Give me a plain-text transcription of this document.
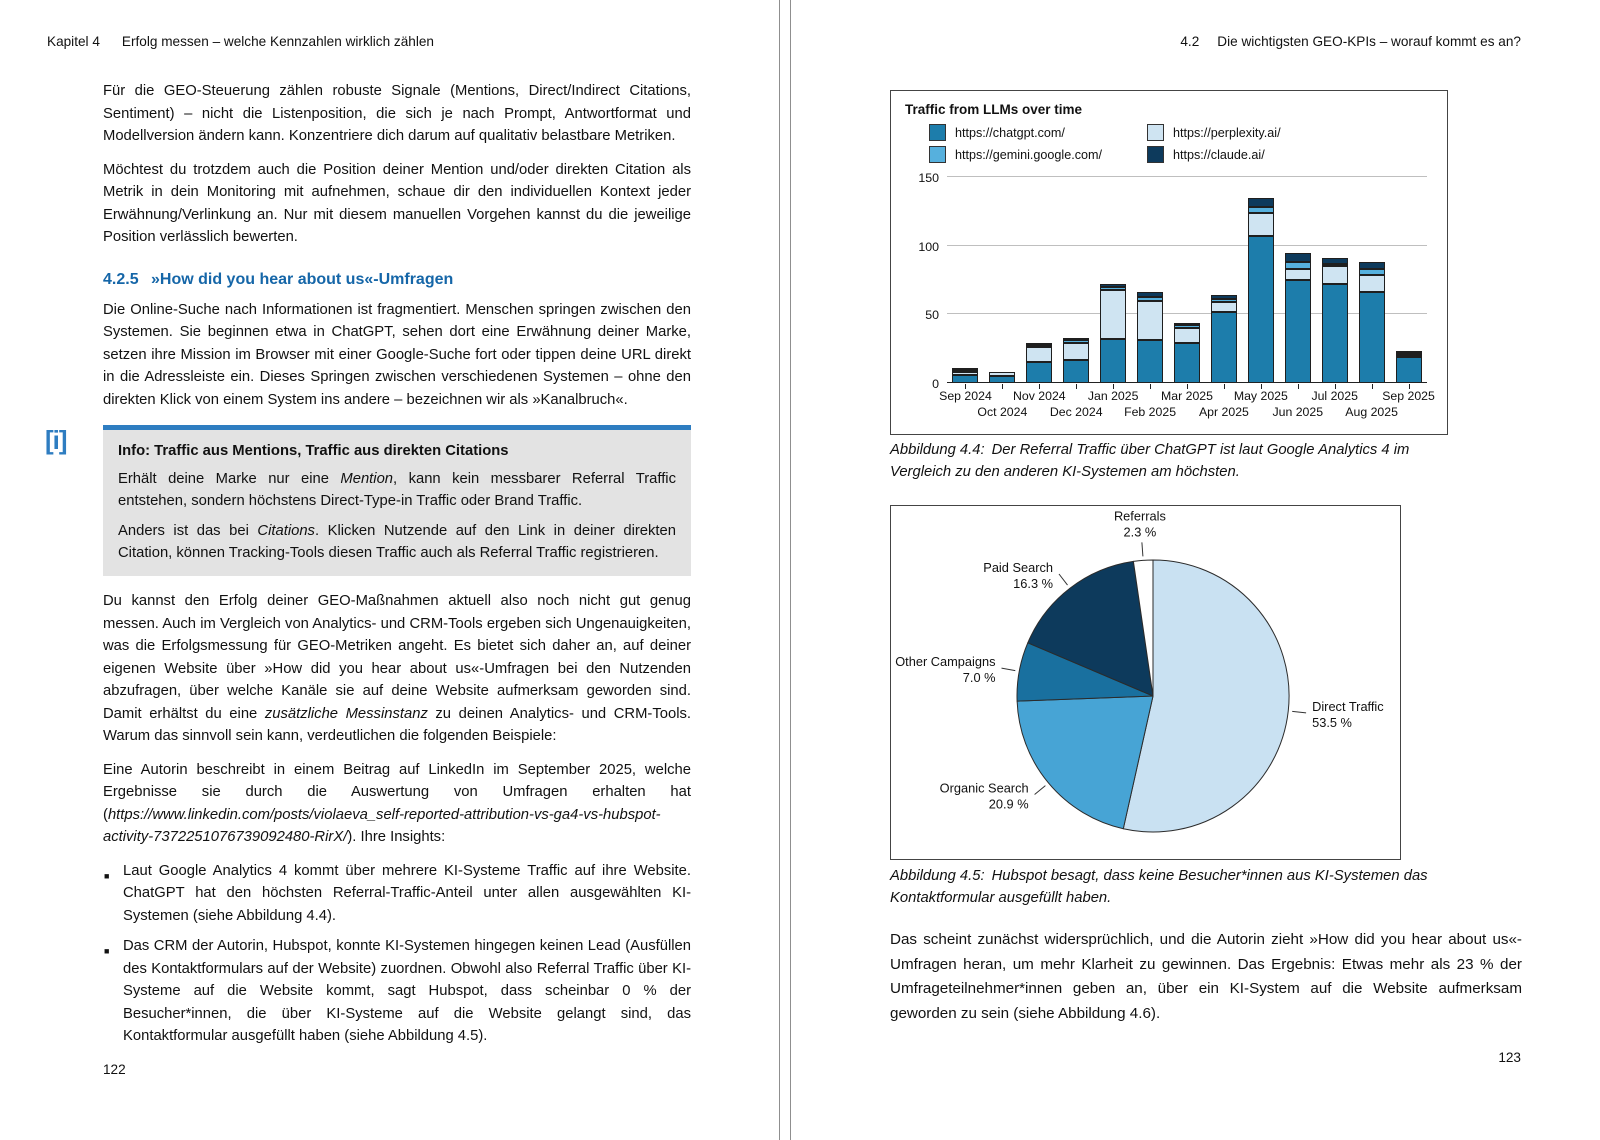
Kapitel 4 Erfolg messen – welche Kennzahlen wirklich zählen

Für die GEO-Steuerung zählen robuste Signale (Mentions, Direct/Indirect Citations, Sentiment) – nicht die Listenposition, die sich je nach Prompt, Antwortformat und Modellversion ändern kann. Konzentriere dich darum auf qualitativ belastbare Metriken.

Möchtest du trotzdem auch die Position deiner Mention und/oder direkten Citation als Metrik in dein Monitoring mit aufnehmen, schaue dir den individuellen Kontext jeder Erwähnung/Verlinkung an. Nur mit diesem manuellen Vorgehen kannst du die jeweilige Position verlässlich bewerten.

4.2.5 »How did you hear about us«-Umfragen

Die Online-Suche nach Informationen ist fragmentiert. Menschen springen zwischen den Systemen. Sie beginnen etwa in ChatGPT, sehen dort eine Erwähnung deiner Marke, setzen ihre Mission im Browser mit einer Google-Suche fort oder tippen deine URL direkt in die Adressleiste ein. Dieses Springen zwischen verschiedenen Systemen – ohne den direkten Klick von einem System ins andere – bezeichnen wir als »Kanalbruch«.

[i]	Info: Traffic aus Mentions, Traffic aus direkten Citations

Erhält deine Marke nur eine Mention, kann kein messbarer Referral Traffic entstehen, sondern höchstens Direct-Type-in Traffic oder Brand Traffic.

Anders ist das bei Citations. Klicken Nutzende auf den Link in deiner direkten Citation, können Tracking-Tools diesen Traffic auch als Referral Traffic registrieren.

Du kannst den Erfolg deiner GEO-Maßnahmen aktuell also noch nicht gut genug messen. Auch im Vergleich von Analytics- und CRM-Tools ergeben sich Ungenauigkeiten, was die Erfolgsmessung für GEO-Metriken angeht. Es bietet sich daher an, auf deiner eigenen Website über »How did you hear about us«-Umfragen bei den Nutzenden abzufragen, über welche Kanäle sie auf deine Website aufmerksam geworden sind. Damit erhältst du eine zusätzliche Messinstanz zu deinen Analytics- und CRM-Tools. Warum das sinnvoll sein kann, verdeutlichen die folgenden Beispiele:

Eine Autorin beschreibt in einem Beitrag auf LinkedIn im September 2025, welche Ergebnisse sie durch die Auswertung von Umfragen erhalten hat (https://www.linkedin.com/posts/violaeva_self-reported-attribution-vs-ga4-vs-hubspot-activity-7372251076739092480-RirX/). Ihre Insights:

■ Laut Google Analytics 4 kommt über mehrere KI-Systeme Traffic auf ihre Website. ChatGPT hat den höchsten Referral-Traffic-Anteil unter allen ausgewählten KI-Systemen (siehe Abbildung 4.4).
■ Das CRM der Autorin, Hubspot, konnte KI-Systemen hingegen keinen Lead (Ausfüllen des Kontaktformulars auf der Website) zuordnen. Obwohl also Referral Traffic über KI-Systeme auf die Website kommt, sagt Hubspot, dass scheinbar 0 % der Besucher*innen, die über KI-Systeme auf die Website gelangt sind, das Kontaktformular ausgefüllt haben (siehe Abbildung 4.5).
122
4.2 Die wichtigsten GEO-KPIs – worauf kommt es an?
Traffic from LLMs over time
https://chatgpt.com/	https://perplexity.ai/
https://gemini.google.com/	https://claude.ai/
0
50
100
150
Sep 2024
Oct 2024
Nov 2024
Dec 2024
Jan 2025
Feb 2025
Mar 2025
Apr 2025
May 2025
Jun 2025
Jul 2025
Aug 2025
Sep 2025
Abbildung 4.4: Der Referral Traffic über ChatGPT ist laut Google Analytics 4 im Vergleich zu den anderen KI-Systemen am höchsten.
Direct Traffic
53.5 %
Organic Search
20.9 %
Other Campaigns
7.0 %
Paid Search
16.3 %
Referrals
2.3 %
Abbildung 4.5: Hubspot besagt, dass keine Besucher*innen aus KI-Systemen das Kontaktformular ausgefüllt haben.
Das scheint zunächst widersprüchlich, und die Autorin zieht »How did you hear about us«-Umfragen heran, um mehr Klarheit zu gewinnen. Das Ergebnis: Etwas mehr als 23 % der Umfrageteilnehmer*innen geben an, über ein KI-System auf die Website aufmerksam geworden zu sein (siehe Abbildung 4.6).
123
